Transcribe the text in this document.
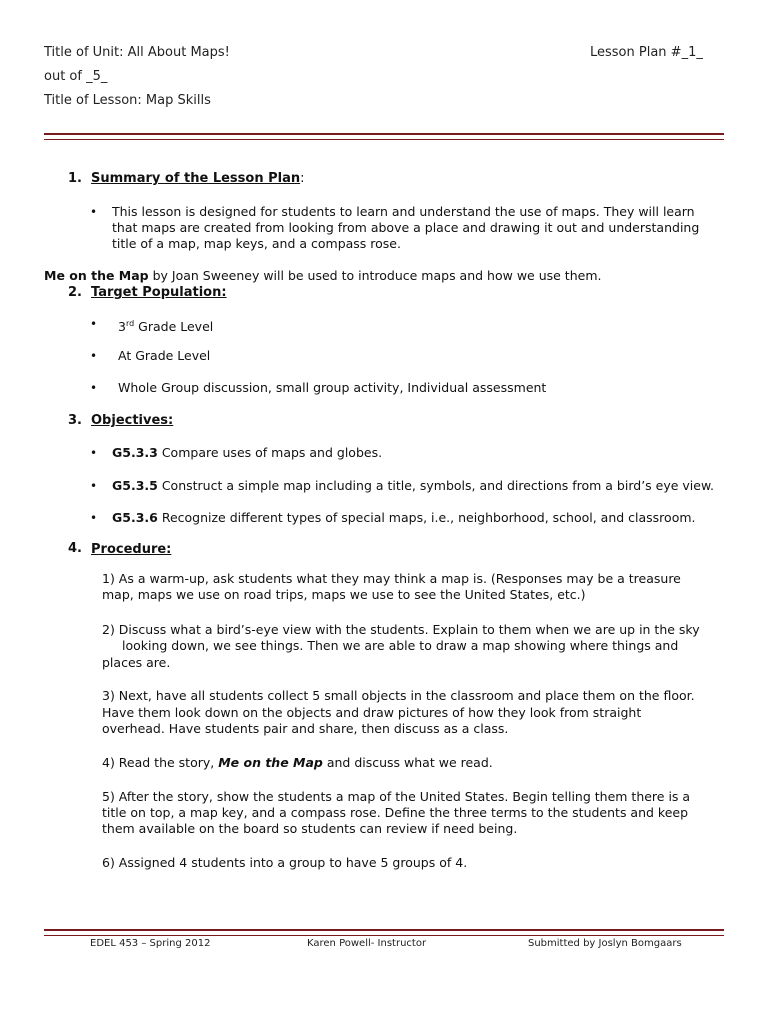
Title of Unit: All About Maps!	Lesson Plan #_1_
out of _5_
Title of Lesson: Map Skills
1. Summary of the Lesson Plan:
• This lesson is designed for students to learn and understand the use of maps. They will learn
that maps are created from looking from above a place and drawing it out and understanding
title of a map, map keys, and a compass rose.
Me on the Map by Joan Sweeney will be used to introduce maps and how we use them.
2. Target Population:
• 3rd Grade Level
• At Grade Level
• Whole Group discussion, small group activity, Individual assessment
3. Objectives:
• G5.3.3 Compare uses of maps and globes.
• G5.3.5 Construct a simple map including a title, symbols, and directions from a bird’s eye view.
• G5.3.6 Recognize different types of special maps, i.e., neighborhood, school, and classroom.
4. Procedure:
1) As a warm-up, ask students what they may think a map is. (Responses may be a treasure
map, maps we use on road trips, maps we use to see the United States, etc.)
2) Discuss what a bird’s-eye view with the students. Explain to them when we are up in the sky
looking down, we see things. Then we are able to draw a map showing where things and
places are.
3) Next, have all students collect 5 small objects in the classroom and place them on the floor.
Have them look down on the objects and draw pictures of how they look from straight
overhead. Have students pair and share, then discuss as a class.
4) Read the story, Me on the Map and discuss what we read.
5) After the story, show the students a map of the United States. Begin telling them there is a
title on top, a map key, and a compass rose. Define the three terms to the students and keep
them available on the board so students can review if need being.
6) Assigned 4 students into a group to have 5 groups of 4.
EDEL 453 – Spring 2012	Karen Powell- Instructor	Submitted by Joslyn Bomgaars
